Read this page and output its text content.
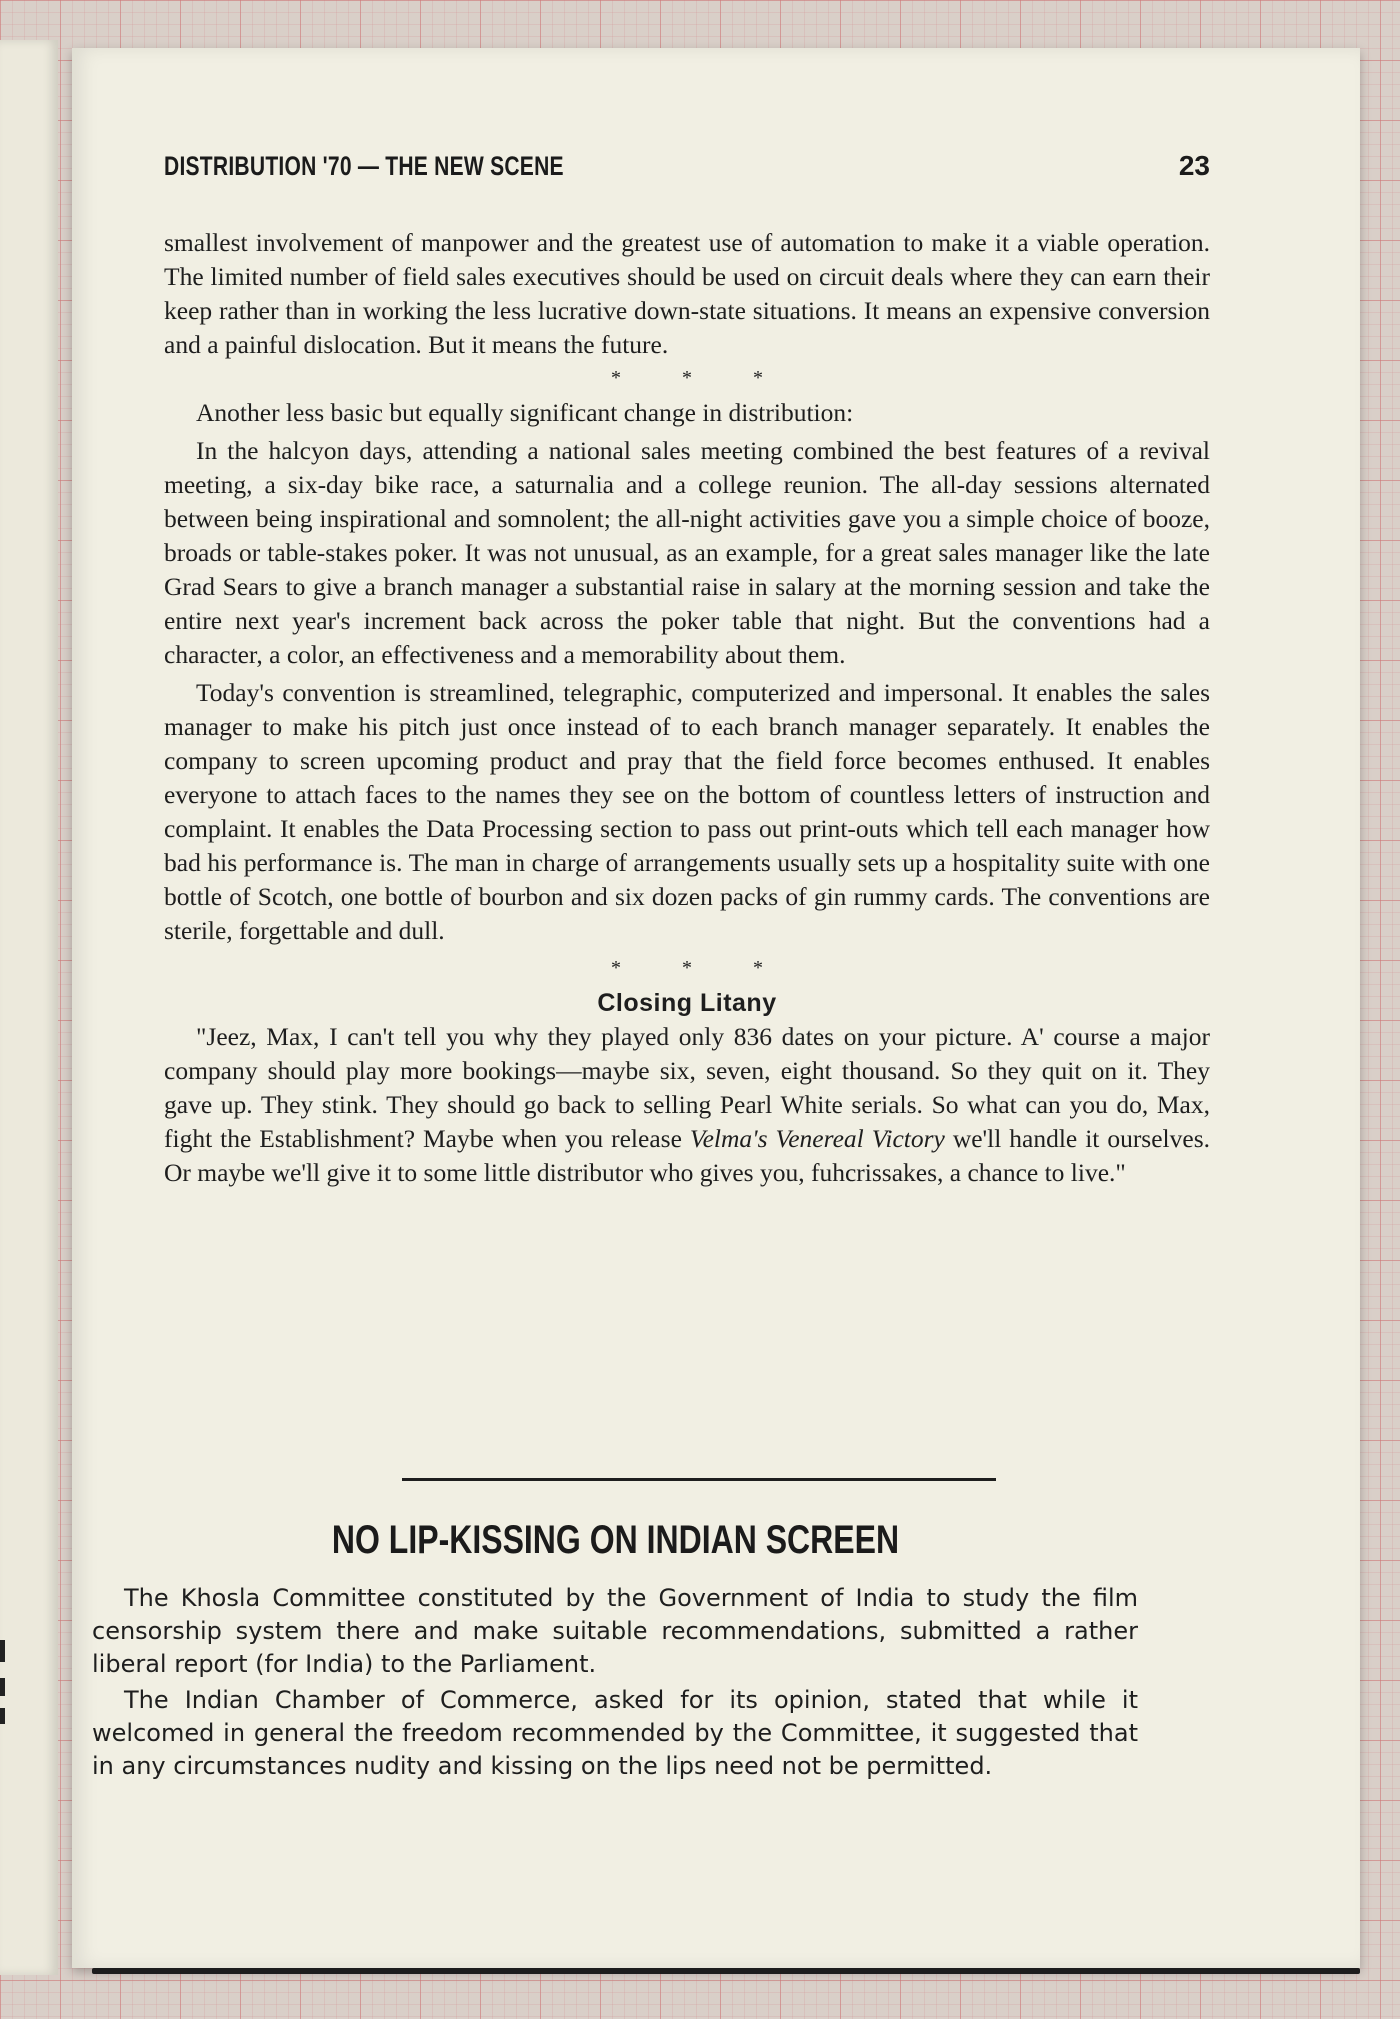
DISTRIBUTION '70 — THE NEW SCENE	23

smallest involvement of manpower and the greatest use of automation to make it a viable operation. The limited number of field sales executives should be used on circuit deals where they can earn their keep rather than in working the less lucrative down-state situations. It means an expensive conversion and a painful dislocation. But it means the future.

* * *

Another less basic but equally significant change in distribution:

In the halcyon days, attending a national sales meeting combined the best features of a revival meeting, a six-day bike race, a saturnalia and a college reunion. The all-day sessions alternated between being inspirational and somnolent; the all-night activities gave you a simple choice of booze, broads or table-stakes poker. It was not unusual, as an example, for a great sales manager like the late Grad Sears to give a branch manager a substantial raise in salary at the morning session and take the entire next year's increment back across the poker table that night. But the conventions had a character, a color, an effectiveness and a memorability about them.

Today's convention is streamlined, telegraphic, computerized and impersonal. It enables the sales manager to make his pitch just once instead of to each branch manager separately. It enables the company to screen upcoming product and pray that the field force becomes enthused. It enables everyone to attach faces to the names they see on the bottom of countless letters of instruction and complaint. It enables the Data Processing section to pass out print-outs which tell each manager how bad his performance is. The man in charge of arrangements usually sets up a hospitality suite with one bottle of Scotch, one bottle of bourbon and six dozen packs of gin rummy cards. The conventions are sterile, forgettable and dull.

* * *
Closing Litany

"Jeez, Max, I can't tell you why they played only 836 dates on your picture. A' course a major company should play more bookings—maybe six, seven, eight thousand. So they quit on it. They gave up. They stink. They should go back to selling Pearl White serials. So what can you do, Max, fight the Establishment? Maybe when you release Velma's Venereal Victory we'll handle it ourselves. Or maybe we'll give it to some little distributor who gives you, fuhcrissakes, a chance to live."

NO LIP-KISSING ON INDIAN SCREEN

The Khosla Committee constituted by the Government of India to study the film censorship system there and make suitable recommendations, submitted a rather liberal report (for India) to the Parliament.

The Indian Chamber of Commerce, asked for its opinion, stated that while it welcomed in general the freedom recommended by the Committee, it suggested that in any circumstances nudity and kissing on the lips need not be permitted.
